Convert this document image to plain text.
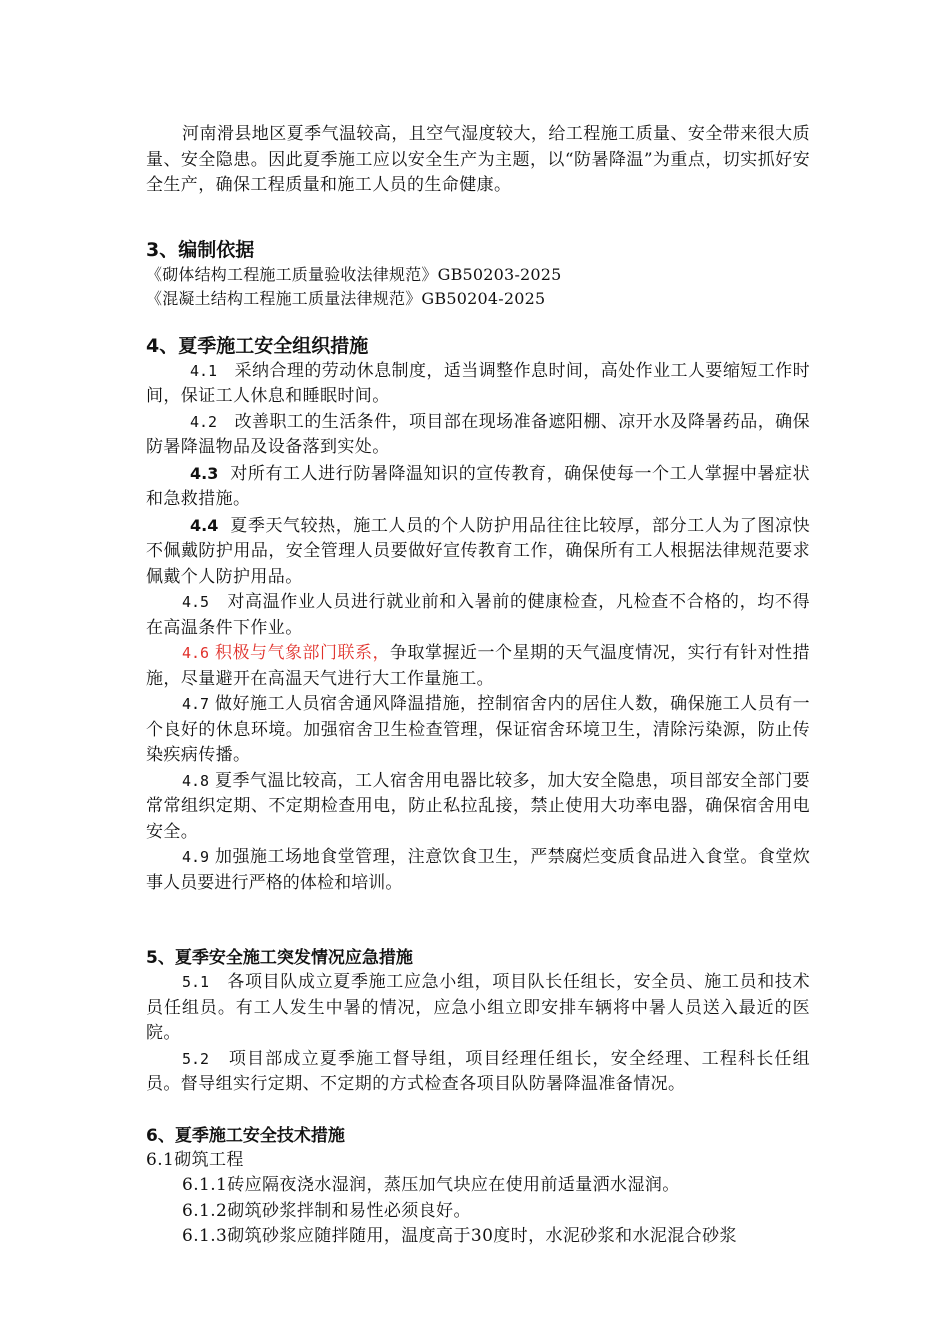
河南滑县地区夏季气温较高，且空气湿度较大，给工程施工质量、安全带来很大质量、安全隐患。因此夏季施工应以安全生产为主题，以“防暑降温”为重点，切实抓好安全生产，确保工程质量和施工人员的生命健康。

3、编制依据

《砌体结构工程施工质量验收法律规范》GB50203-2025

《混凝土结构工程施工质量法律规范》GB50204-2025

4、夏季施工安全组织措施

4.1 采纳合理的劳动休息制度，适当调整作息时间，高处作业工人要缩短工作时间，保证工人休息和睡眠时间。

4.2 改善职工的生活条件，项目部在现场准备遮阳棚、凉开水及降暑药品，确保防暑降温物品及设备落到实处。

4.3 对所有工人进行防暑降温知识的宣传教育，确保使每一个工人掌握中暑症状和急救措施。

4.4 夏季天气较热，施工人员的个人防护用品往往比较厚，部分工人为了图凉快不佩戴防护用品，安全管理人员要做好宣传教育工作，确保所有工人根据法律规范要求佩戴个人防护用品。

4.5 对高温作业人员进行就业前和入暑前的健康检查，凡检查不合格的，均不得在高温条件下作业。

4.6 积极与气象部门联系，争取掌握近一个星期的天气温度情况，实行有针对性措施，尽量避开在高温天气进行大工作量施工。

4.7 做好施工人员宿舍通风降温措施，控制宿舍内的居住人数，确保施工人员有一个良好的休息环境。加强宿舍卫生检查管理，保证宿舍环境卫生，清除污染源，防止传染疾病传播。

4.8 夏季气温比较高，工人宿舍用电器比较多，加大安全隐患，项目部安全部门要常常组织定期、不定期检查用电，防止私拉乱接，禁止使用大功率电器，确保宿舍用电安全。

4.9 加强施工场地食堂管理，注意饮食卫生，严禁腐烂变质食品进入食堂。食堂炊事人员要进行严格的体检和培训。

5、夏季安全施工突发情况应急措施

5.1 各项目队成立夏季施工应急小组，项目队长任组长，安全员、施工员和技术员任组员。有工人发生中暑的情况，应急小组立即安排车辆将中暑人员送入最近的医院。

5.2 项目部成立夏季施工督导组，项目经理任组长，安全经理、工程科长任组员。督导组实行定期、不定期的方式检查各项目队防暑降温准备情况。

6、夏季施工安全技术措施

6.1砌筑工程

6.1.1砖应隔夜浇水湿润，蒸压加气块应在使用前适量洒水湿润。

6.1.2砌筑砂浆拌制和易性必须良好。

6.1.3砌筑砂浆应随拌随用，温度高于30度时，水泥砂浆和水泥混合砂浆
